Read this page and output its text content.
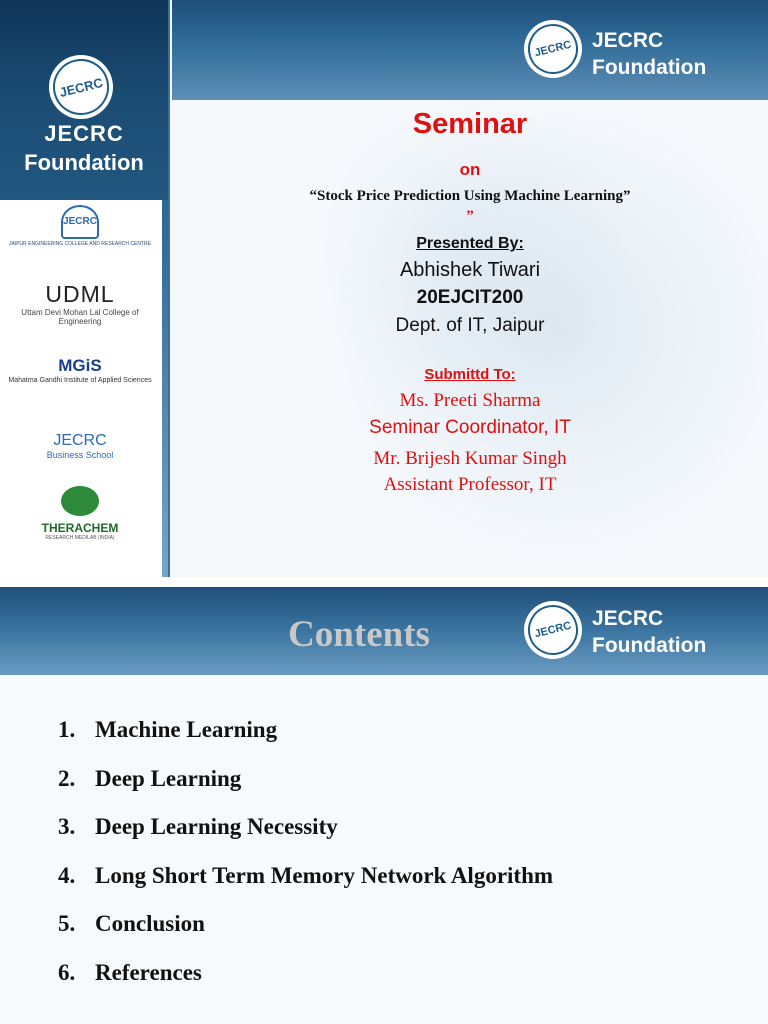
JECRC
JECRC
Foundation
JECRC
JAIPUR ENGINEERING COLLEGE AND RESEARCH CENTRE
UDML
Uttam Devi Mohan Lal College of Engineering
MGiS
Mahatma Gandhi Institute of Applied Sciences
JECRC
Business School
THERACHEM
RESEARCH MEDILAB (INDIA)
JECRC JECRC
Foundation
Seminar
on
“Stock Price Prediction Using Machine Learning”
”
Presented By:
Abhishek Tiwari
20EJCIT200
Dept. of IT, Jaipur
Submittd To:
Ms. Preeti Sharma
Seminar Coordinator, IT
Mr. Brijesh Kumar Singh
Assistant Professor, IT
Contents	JECRC
JECRC
Foundation
1. Machine Learning
2. Deep Learning
3. Deep Learning Necessity
4. Long Short Term Memory Network Algorithm
5. Conclusion
6. References
